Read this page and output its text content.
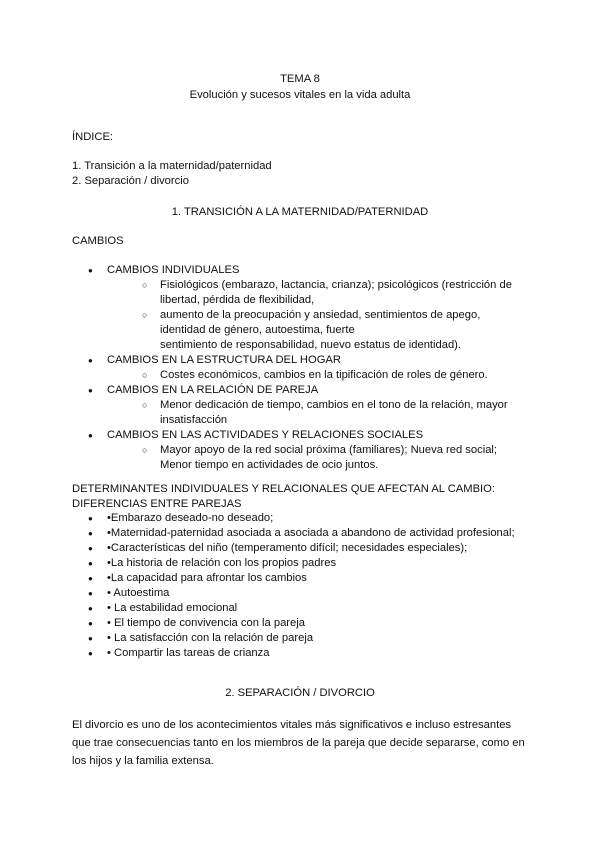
TEMA 8
Evolución y sucesos vitales en la vida adulta
ÍNDICE:
1. Transición a la maternidad/paternidad
2. Separación / divorcio
1. TRANSICIÓN A LA MATERNIDAD/PATERNIDAD
CAMBIOS
● CAMBIOS INDIVIDUALES
○ Fisiológicos (embarazo, lactancia, crianza); psicológicos (restricción de libertad, pérdida de flexibilidad,
○ aumento de la preocupación y ansiedad, sentimientos de apego, identidad de género, autoestima, fuerte
sentimiento de responsabilidad, nuevo estatus de identidad).
● CAMBIOS EN LA ESTRUCTURA DEL HOGAR
○ Costes económicos, cambios en la tipificación de roles de género.
● CAMBIOS EN LA RELACIÓN DE PAREJA
○ Menor dedicación de tiempo, cambios en el tono de la relación, mayor insatisfacción
● CAMBIOS EN LAS ACTIVIDADES Y RELACIONES SOCIALES
○ Mayor apoyo de la red social próxima (familiares); Nueva red social; Menor tiempo en actividades de ocio juntos.
DETERMINANTES INDIVIDUALES Y RELACIONALES QUE AFECTAN AL CAMBIO: DIFERENCIAS ENTRE PAREJAS
● •Embarazo deseado-no deseado;
● •Maternidad-paternidad asociada a asociada a abandono de actividad profesional;
● •Características del niño (temperamento difícil; necesidades especiales);
● •La historia de relación con los propios padres
● •La capacidad para afrontar los cambios
● • Autoestima
● • La estabilidad emocional
● • El tiempo de convivencia con la pareja
● • La satisfacción con la relación de pareja
● • Compartir las tareas de crianza
2. SEPARACIÓN / DIVORCIO

El divorcio es uno de los acontecimientos vitales más significativos e incluso estresantes que trae consecuencias tanto en los miembros de la pareja que decide separarse, como en los hijos y la familia extensa.
